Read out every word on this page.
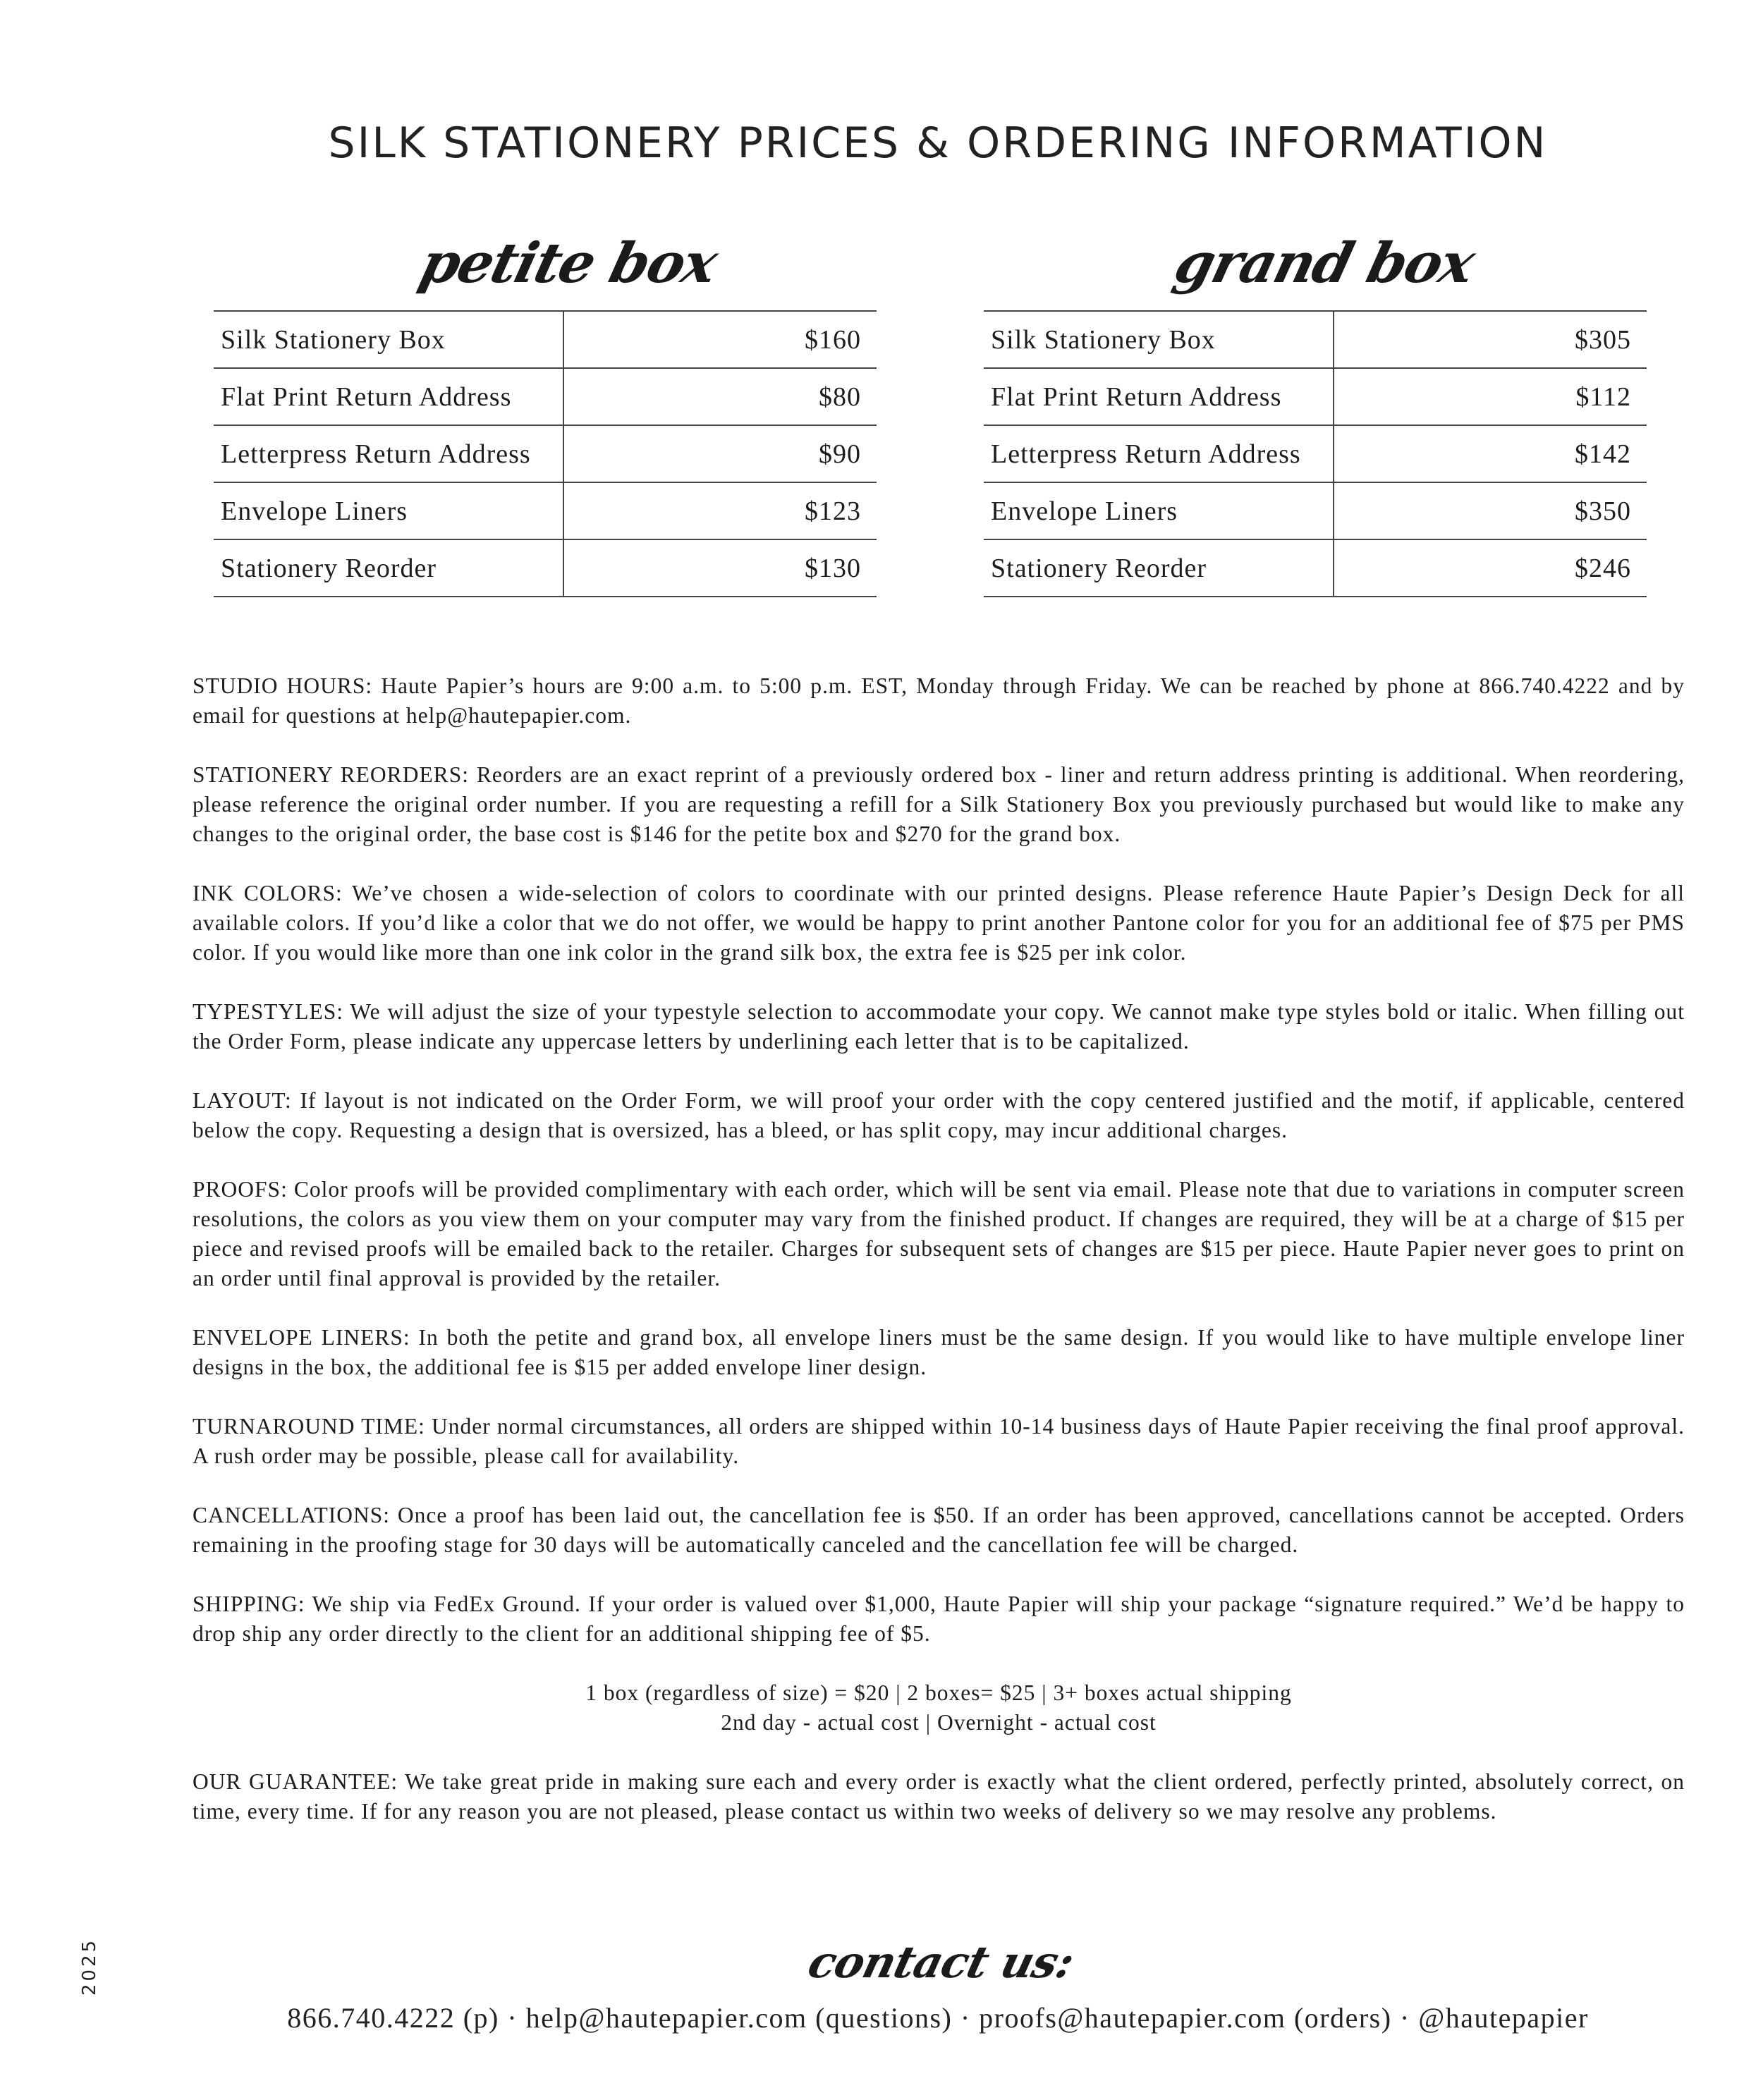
SILK STATIONERY PRICES & ORDERING INFORMATION
petite box	grand box
Silk Stationery Box	$160
Flat Print Return Address	$80
Letterpress Return Address	$90
Envelope Liners	$123
Stationery Reorder	$130
Silk Stationery Box	$305
Flat Print Return Address	$112
Letterpress Return Address	$142
Envelope Liners	$350
Stationery Reorder	$246

STUDIO HOURS: Haute Papier’s hours are 9:00 a.m. to 5:00 p.m. EST, Monday through Friday. We can be reached by phone at 866.740.4222 and by email for questions at help@hautepapier.com.

STATIONERY REORDERS: Reorders are an exact reprint of a previously ordered box - liner and return address printing is additional. When reordering, please reference the original order number. If you are requesting a refill for a Silk Stationery Box you previously purchased but would like to make any changes to the original order, the base cost is $146 for the petite box and $270 for the grand box.

INK COLORS: We’ve chosen a wide-selection of colors to coordinate with our printed designs. Please reference Haute Papier’s Design Deck for all available colors. If you’d like a color that we do not offer, we would be happy to print another Pantone color for you for an additional fee of $75 per PMS color. If you would like more than one ink color in the grand silk box, the extra fee is $25 per ink color.

TYPESTYLES: We will adjust the size of your typestyle selection to accommodate your copy. We cannot make type styles bold or italic. When filling out the Order Form, please indicate any uppercase letters by underlining each letter that is to be capitalized.

LAYOUT: If layout is not indicated on the Order Form, we will proof your order with the copy centered justified and the motif, if applicable, centered below the copy. Requesting a design that is oversized, has a bleed, or has split copy, may incur additional charges.

PROOFS: Color proofs will be provided complimentary with each order, which will be sent via email. Please note that due to variations in computer screen resolutions, the colors as you view them on your computer may vary from the finished product. If changes are required, they will be at a charge of $15 per piece and revised proofs will be emailed back to the retailer. Charges for subsequent sets of changes are $15 per piece. Haute Papier never goes to print on an order until final approval is provided by the retailer.

ENVELOPE LINERS: In both the petite and grand box, all envelope liners must be the same design. If you would like to have multiple envelope liner designs in the box, the additional fee is $15 per added envelope liner design.

TURNAROUND TIME: Under normal circumstances, all orders are shipped within 10-14 business days of Haute Papier receiving the final proof approval. A rush order may be possible, please call for availability.

CANCELLATIONS: Once a proof has been laid out, the cancellation fee is $50. If an order has been approved, cancellations cannot be accepted. Orders remaining in the proofing stage for 30 days will be automatically canceled and the cancellation fee will be charged.

SHIPPING: We ship via FedEx Ground. If your order is valued over $1,000, Haute Papier will ship your package “signature required.” We’d be happy to drop ship any order directly to the client for an additional shipping fee of $5.

1 box (regardless of size) = $20 | 2 boxes= $25 | 3+ boxes actual shipping
2nd day - actual cost | Overnight - actual cost

OUR GUARANTEE: We take great pride in making sure each and every order is exactly what the client ordered, perfectly printed, absolutely correct, on time, every time. If for any reason you are not pleased, please contact us within two weeks of delivery so we may resolve any problems.

2025	contact us:
866.740.4222 (p) · help@hautepapier.com (questions) · proofs@hautepapier.com (orders) · @hautepapier
